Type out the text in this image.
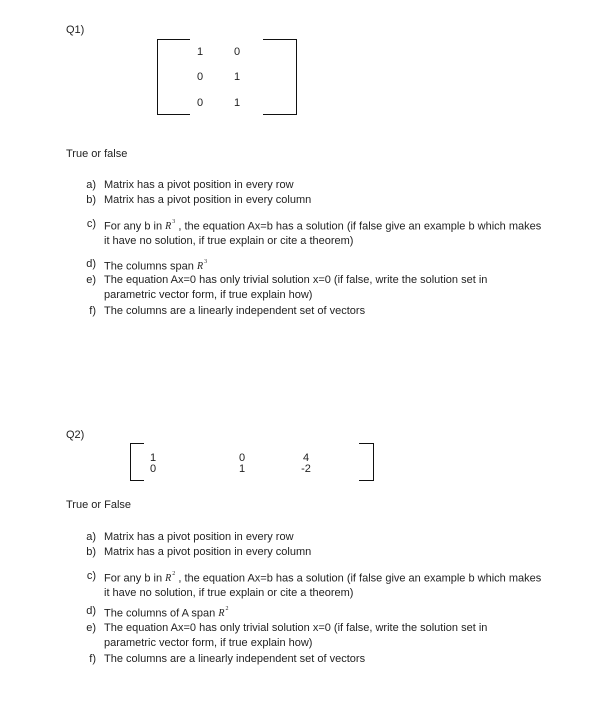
Q1)
1	0
0	1
0	1
True or false
a) Matrix has a pivot position in every row
b) Matrix has a pivot position in every column
c) For any b in $R^3$ , the equation Ax=b has a solution (if false give an example b which makes it have no solution, if true explain or cite a theorem)
d) The columns span $R^3$
e) The equation Ax=0 has only trivial solution x=0 (if false, write the solution set in parametric vector form, if true explain how)
f) The columns are a linearly independent set of vectors
Q2)
1	0	4
0	1	-2
True or False
a) Matrix has a pivot position in every row
b) Matrix has a pivot position in every column
c) For any b in $R^2$ , the equation Ax=b has a solution (if false give an example b which makes it have no solution, if true explain or cite a theorem)
d) The columns of A span $R^2$
e) The equation Ax=0 has only trivial solution x=0 (if false, write the solution set in parametric vector form, if true explain how)
f) The columns are a linearly independent set of vectors
